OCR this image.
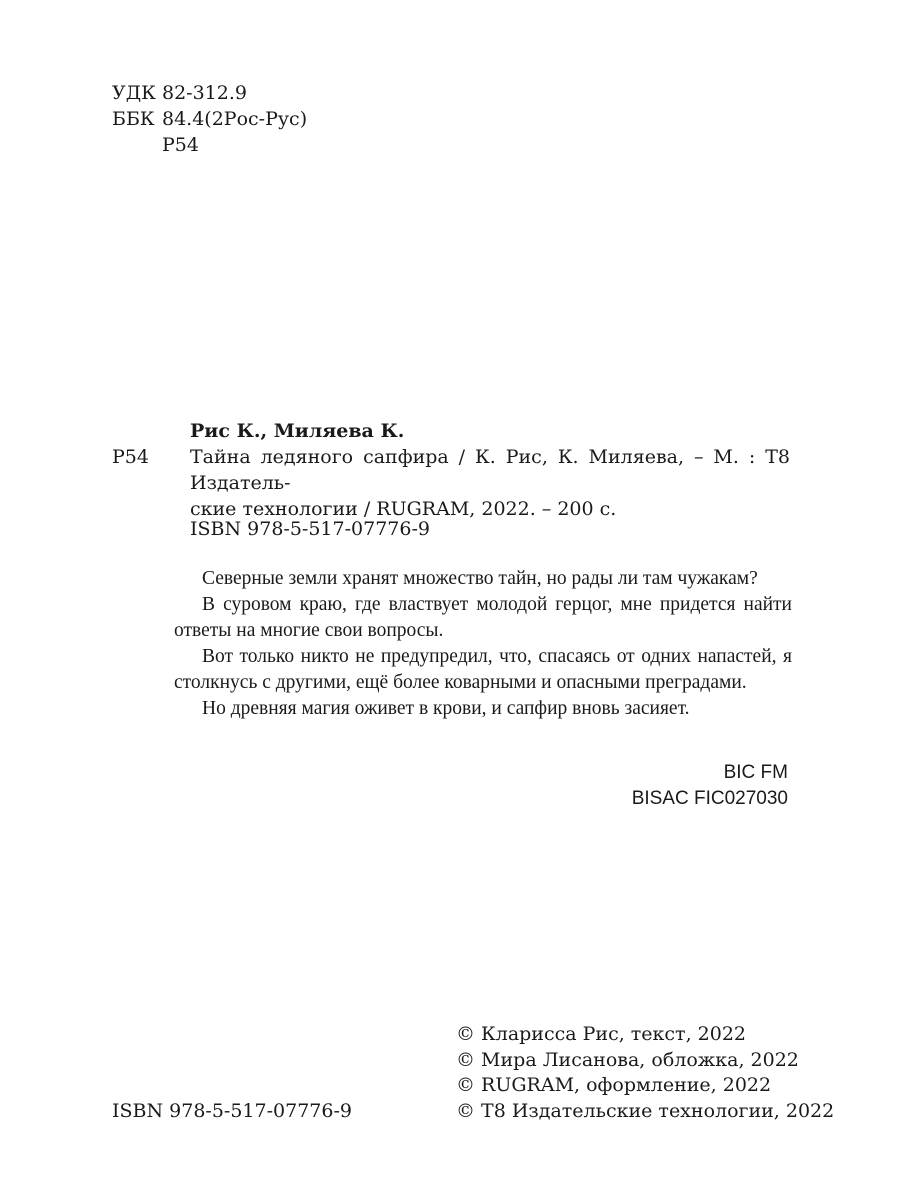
УДК 82-312.9
ББК 84.4(2Рос-Рус)
Р54
Рис К., Миляева К.
Р54 Тайна ледяного сапфира / К. Рис, К. Миляева, – М. : Т8 Издатель-
ские технологии / RUGRAM, 2022. – 200 с.
ISBN 978-5-517-07776-9

Северные земли хранят множество тайн, но рады ли там чужакам?

В суровом краю, где властвует молодой герцог, мне придется найти ответы на многие свои вопросы.

Вот только никто не предупредил, что, спасаясь от одних напастей, я столкнусь с другими, ещё более коварными и опасными преградами.

Но древняя магия оживет в крови, и сапфир вновь засияет.

BIC FM
BISAC FIC027030
ISBN 978-5-517-07776-9
© Кларисса Рис, текст, 2022
© Мира Лисанова, обложка, 2022
© RUGRAM, оформление, 2022
© Т8 Издательские технологии, 2022
